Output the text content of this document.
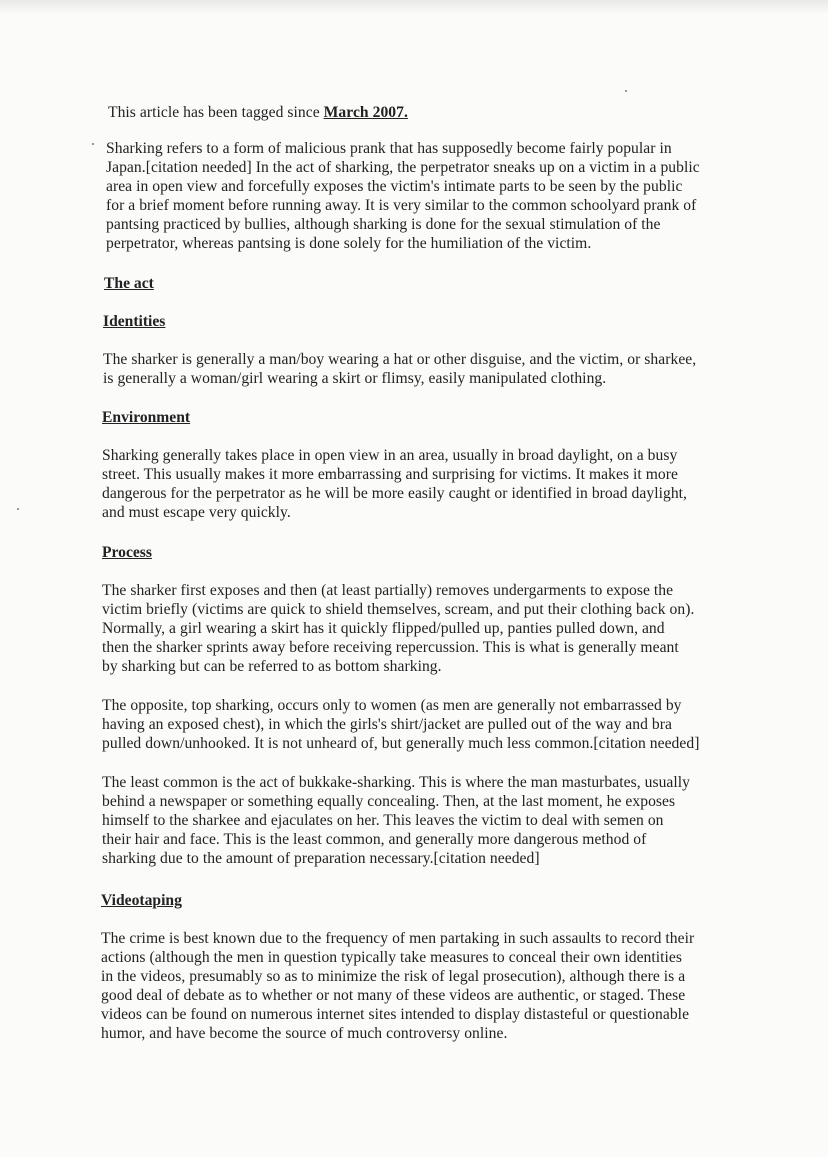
This article has been tagged since March 2007.

Sharking refers to a form of malicious prank that has supposedly become fairly popular in
Japan.[citation needed] In the act of sharking, the perpetrator sneaks up on a victim in a public
area in open view and forcefully exposes the victim's intimate parts to be seen by the public
for a brief moment before running away. It is very similar to the common schoolyard prank of
pantsing practiced by bullies, although sharking is done for the sexual stimulation of the
perpetrator, whereas pantsing is done solely for the humiliation of the victim.

The act
Identities

The sharker is generally a man/boy wearing a hat or other disguise, and the victim, or sharkee,
is generally a woman/girl wearing a skirt or flimsy, easily manipulated clothing.

Environment

Sharking generally takes place in open view in an area, usually in broad daylight, on a busy
street. This usually makes it more embarrassing and surprising for victims. It makes it more
dangerous for the perpetrator as he will be more easily caught or identified in broad daylight,
and must escape very quickly.

Process

The sharker first exposes and then (at least partially) removes undergarments to expose the
victim briefly (victims are quick to shield themselves, scream, and put their clothing back on).
Normally, a girl wearing a skirt has it quickly flipped/pulled up, panties pulled down, and
then the sharker sprints away before receiving repercussion. This is what is generally meant
by sharking but can be referred to as bottom sharking.

The opposite, top sharking, occurs only to women (as men are generally not embarrassed by
having an exposed chest), in which the girls's shirt/jacket are pulled out of the way and bra
pulled down/unhooked. It is not unheard of, but generally much less common.[citation needed]

The least common is the act of bukkake-sharking. This is where the man masturbates, usually
behind a newspaper or something equally concealing. Then, at the last moment, he exposes
himself to the sharkee and ejaculates on her. This leaves the victim to deal with semen on
their hair and face. This is the least common, and generally more dangerous method of
sharking due to the amount of preparation necessary.[citation needed]

Videotaping

The crime is best known due to the frequency of men partaking in such assaults to record their
actions (although the men in question typically take measures to conceal their own identities
in the videos, presumably so as to minimize the risk of legal prosecution), although there is a
good deal of debate as to whether or not many of these videos are authentic, or staged. These
videos can be found on numerous internet sites intended to display distasteful or questionable
humor, and have become the source of much controversy online.
